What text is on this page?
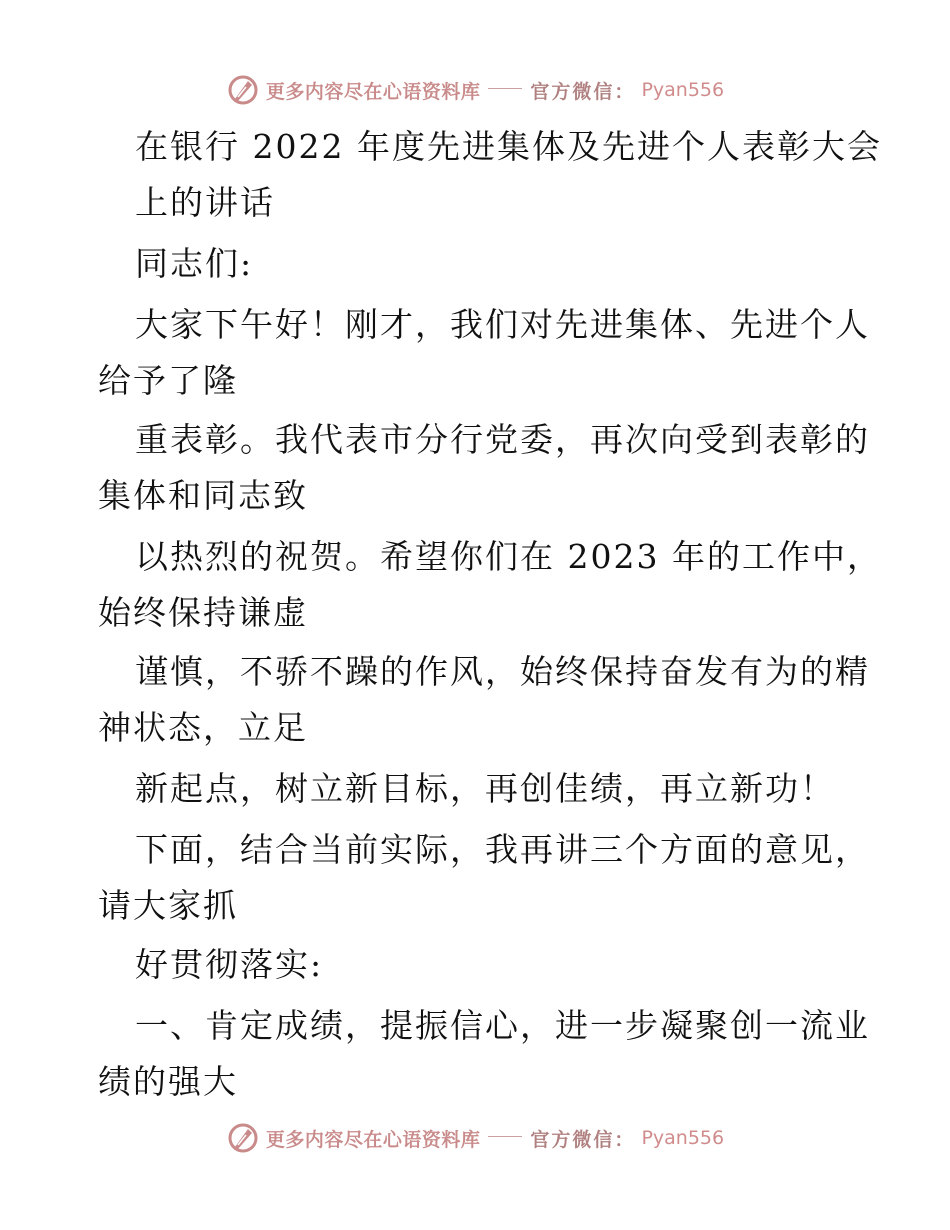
更多内容尽在心语资料库	官方微信： Pyan556
在银行 2022 年度先进集体及先进个人表彰大会
上的讲话
同志们:
大家下午好！刚才，我们对先进集体、先进个人
给予了隆
重表彰。我代表市分行党委，再次向受到表彰的
集体和同志致
以热烈的祝贺。希望你们在 2023 年的工作中，
始终保持谦虚
谨慎，不骄不躁的作风，始终保持奋发有为的精
神状态，立足
新起点，树立新目标，再创佳绩，再立新功！
下面，结合当前实际，我再讲三个方面的意见，
请大家抓
好贯彻落实:
一、肯定成绩，提振信心，进一步凝聚创一流业
绩的强大
更多内容尽在心语资料库	官方微信： Pyan556
